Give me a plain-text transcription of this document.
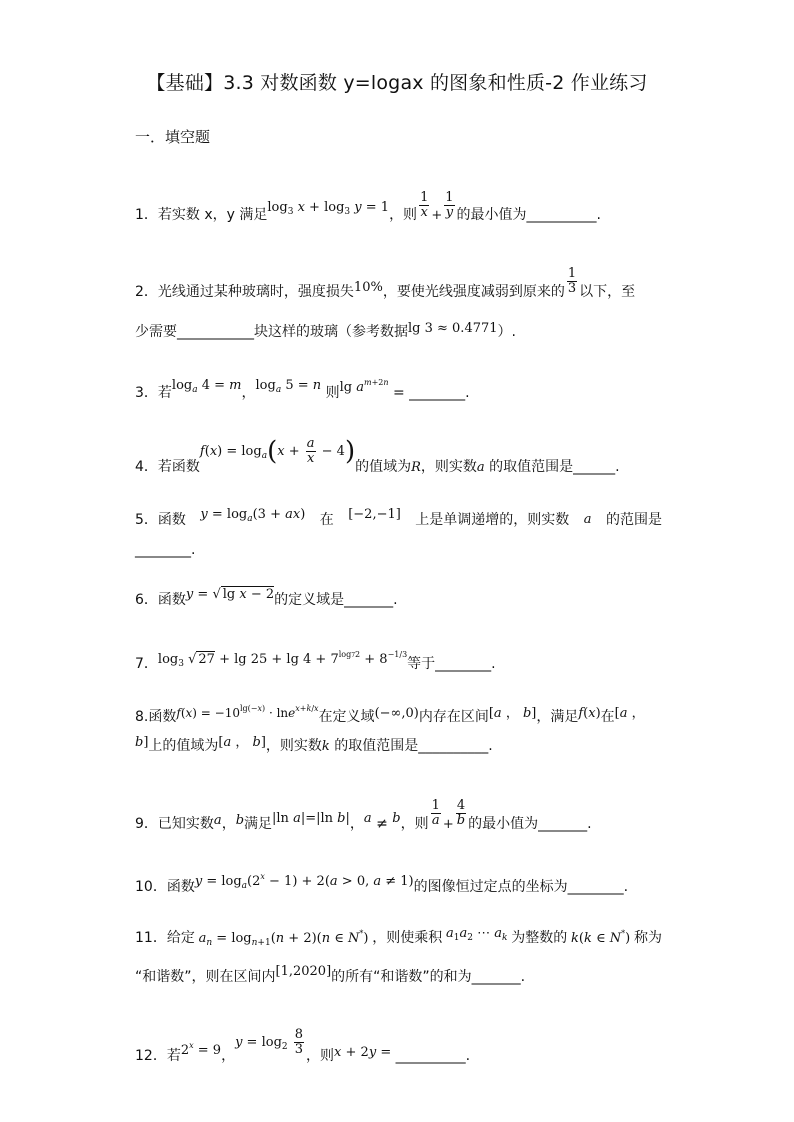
【基础】3.3 对数函数 y=logax 的图象和性质-2 作业练习
一．填空题
1．若实数 x，y 满足$\log_3 x + \log_3 y = 1$，则 $\frac{1}{x} + \frac{1}{y}$ 的最小值为__________.
2．光线通过某种玻璃时，强度损失10%，要使光线强度减弱到原来的 $\frac{1}{3}$ 以下，至
少需要___________块这样的玻璃（参考数据lg 3 ≈ 0.4771）.
3．若$\log_a 4 = m$，$\log_a 5 = n$ 则$\lg a^{m+2n}$ = ________.
4．若函数$f(x) = \log_a(x + \frac{a}{x} - 4)$的值域为R，则实数a 的取值范围是______.
5．函数 $y = \log_a(3 + ax)$ 在 [−2,−1] 上是单调递增的，则实数 a 的范围是
________.
6．函数y = √ lg x − 2的定义域是_______.
7．$\log_3$ √ $27 + \lg 25 + \lg 4 + 7^{log72} + 8^{-1/3}$等于________.
8.函数$f(x) = -10^{lg(-x)} \cdot \ln e^{x+k/x}$在定义域(−∞,0)内存在区间[a ， b]，满足f(x)在[a ，
b]上的值域为[a ， b]，则实数k 的取值范围是__________.
9．已知实数a，b满足|ln a|=|ln b|，a ≠ b，则 $\frac{1}{a} + \frac{4}{b}$ 的最小值为_______.
10．函数$y = \log_a(2^x - 1) + 2(a > 0$, a ≠ 1)的图像恒过定点的坐标为________.
11．给定 $a_n = \log_{n+1}(n + 2)(n$ ∈ N*) ，则使乘积 $a_1a_2$ ⋯ $a_k$ 为整数的 k(k ∈ N*) 称为
“和谐数”，则在区间内[1,2020]的所有“和谐数”的和为_______.
12．若$2^x = 9$，$y = \log_2 \frac{8}{3}$ ，则x + 2y = __________.
